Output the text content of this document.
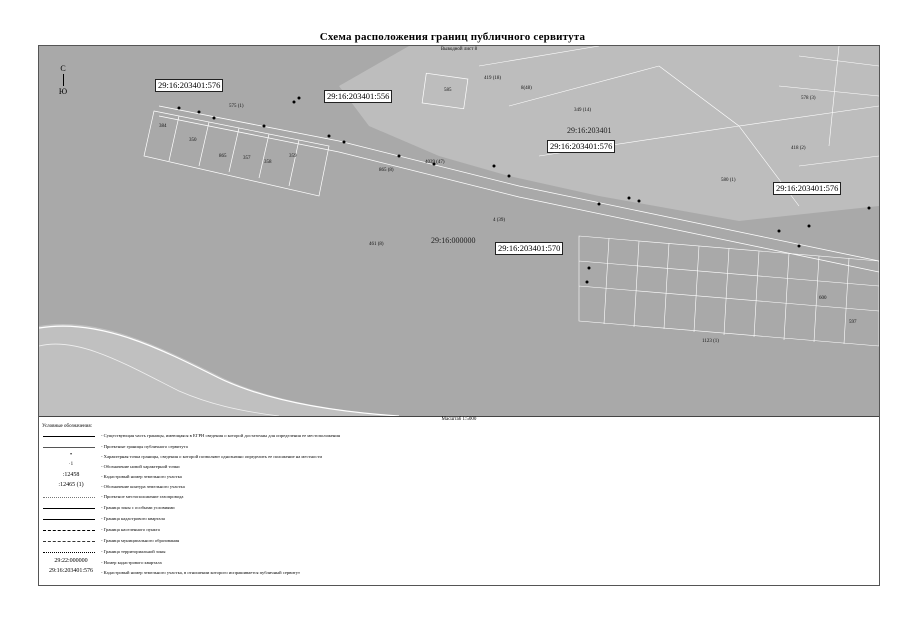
Схема расположения границ публичного сервитута
Выводной лист 8
С
Ю
29:16:203401:576
29:16:203401:556
29:16:203401:576
29:16:203401:576
29:16:203401:570
29:16:203401
29:16:000000
419 (18)
8(48)
578 (3)
585
575 (1)
384
350
865	357
358
359
4039 (47)
349 (14)
418 (2)
580 (1)
4 (39)
461 (8)
600
597
1123 (1)
865 (8)
Масштаб 1:5000
Условные обозначения:
- Существующая часть границы, имеющаяся в ЕГРН сведения о которой достаточны для определения ее местоположения
- Проектные границы публичного сервитута
•	- Характерная точка границы, сведения о которой позволяют однозначно определить ее положение на местности
·1	- Обозначение новой характерной точки
:12458	- Кадастровый номер земельного участка
:12465 (1)	- Обозначение контура земельного участка
- Проектное местоположение газопровода
- Граница зоны с особыми условиями
- Граница кадастрового квартала
- Граница населенного пункта
- Граница муниципального образования
- Граница территориальной зоны
29:22:000000	- Номер кадастрового квартала
29:16:203401:576	- Кадастровый номер земельного участка, в отношении которого испрашивается публичный сервитут
